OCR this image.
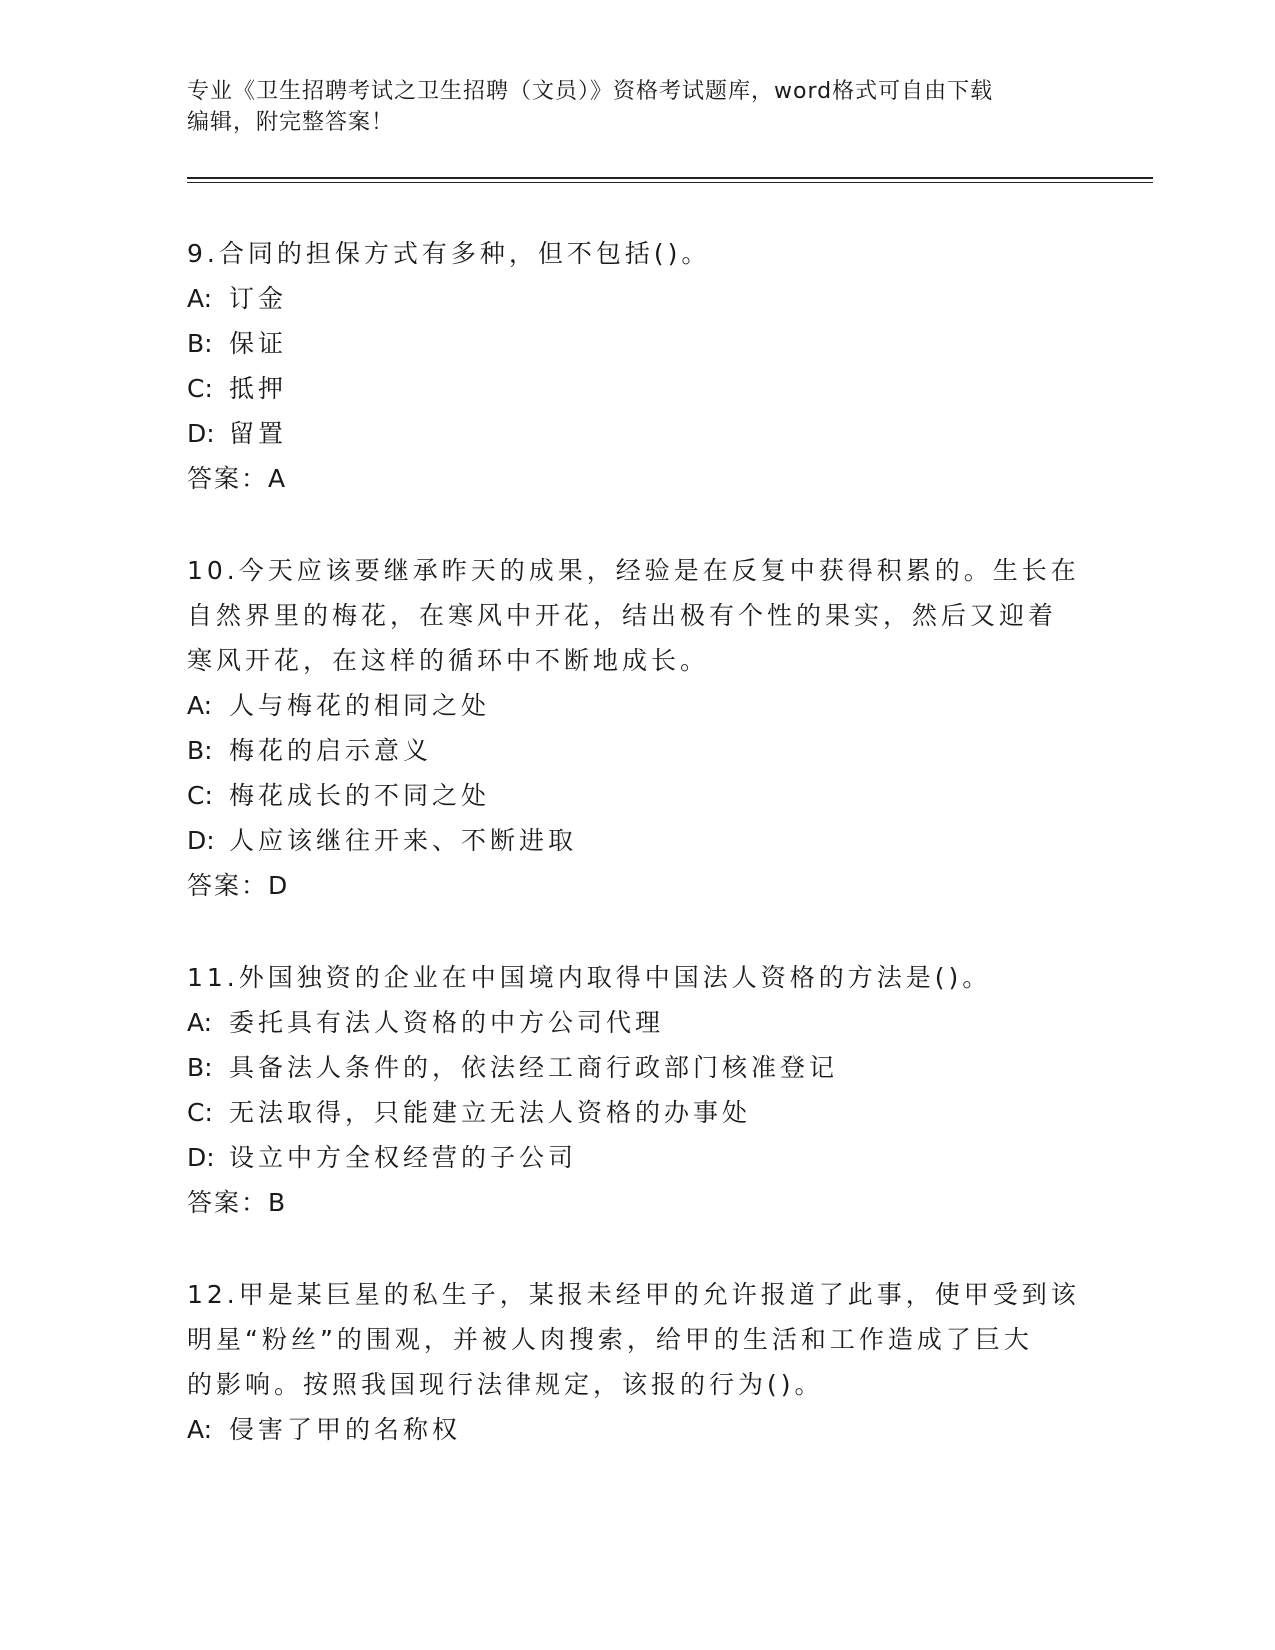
专业《卫生招聘考试之卫生招聘（文员）》资格考试题库，word格式可自由下载
编辑，附完整答案！
9.合同的担保方式有多种，但不包括()。
A: 订金
B: 保证
C: 抵押
D: 留置
答案：A
10.今天应该要继承昨天的成果，经验是在反复中获得积累的。生长在
自然界里的梅花，在寒风中开花，结出极有个性的果实，然后又迎着
寒风开花，在这样的循环中不断地成长。
A: 人与梅花的相同之处
B: 梅花的启示意义
C: 梅花成长的不同之处
D: 人应该继往开来、不断进取
答案：D
11.外国独资的企业在中国境内取得中国法人资格的方法是()。
A: 委托具有法人资格的中方公司代理
B: 具备法人条件的，依法经工商行政部门核准登记
C: 无法取得，只能建立无法人资格的办事处
D: 设立中方全权经营的子公司
答案：B
12.甲是某巨星的私生子，某报未经甲的允许报道了此事，使甲受到该
明星“粉丝”的围观，并被人肉搜索，给甲的生活和工作造成了巨大
的影响。按照我国现行法律规定，该报的行为()。
A: 侵害了甲的名称权
